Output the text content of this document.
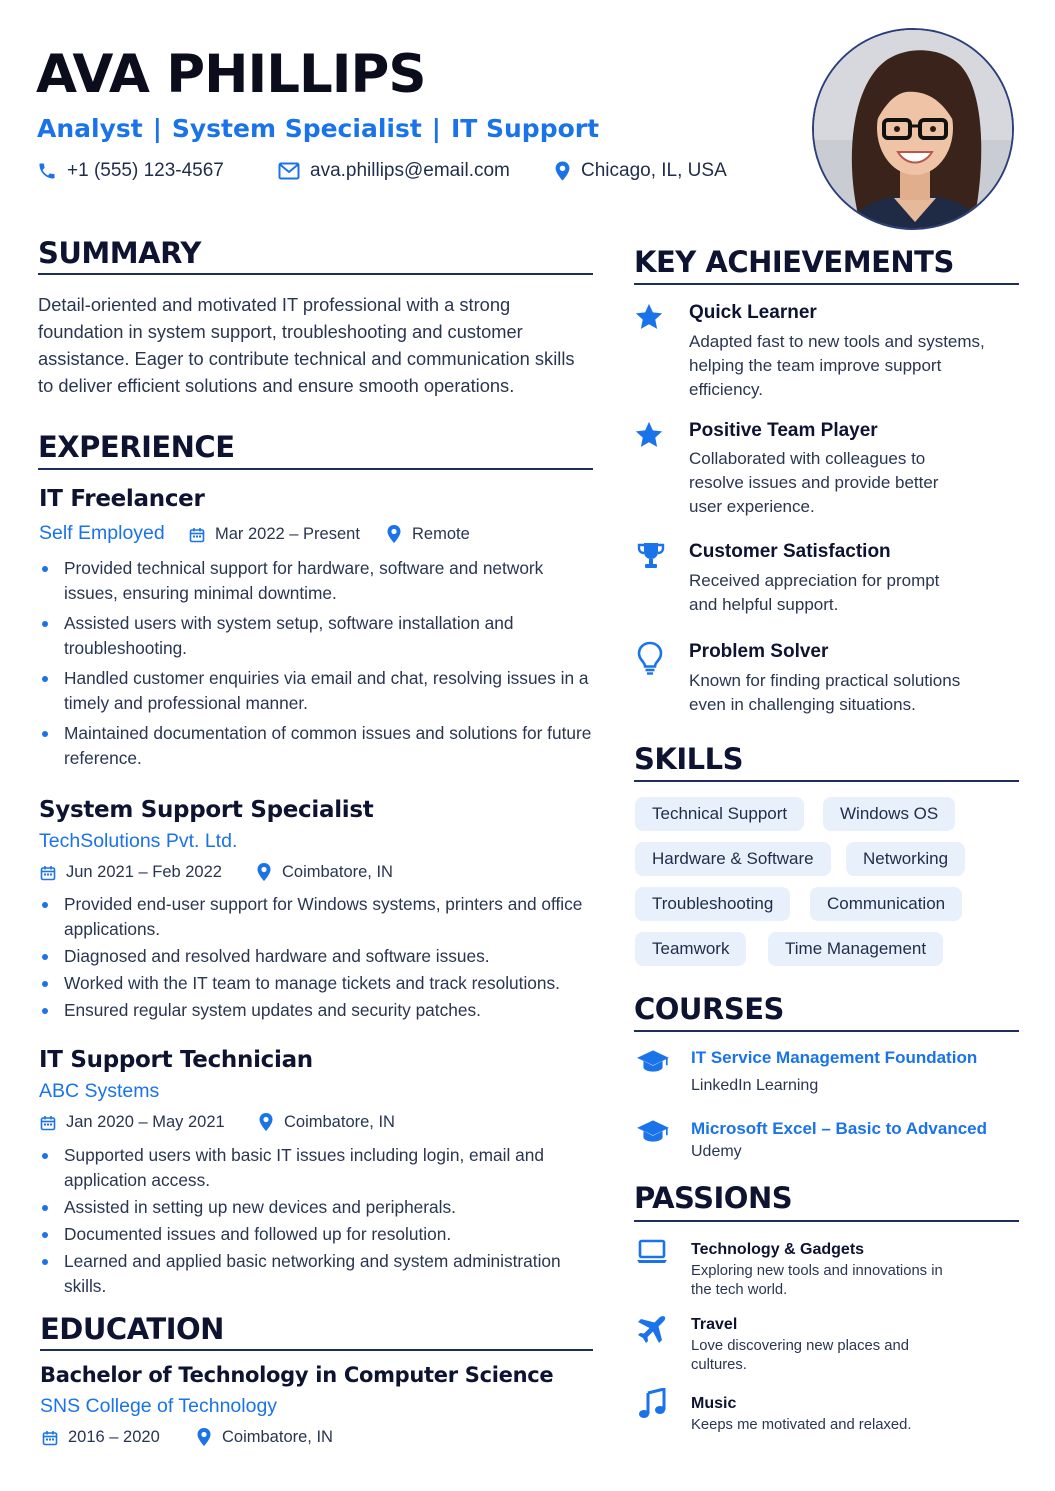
AVA PHILLIPS
Analyst | System Specialist | IT Support
+1 (555) 123-4567	ava.phillips@email.com	Chicago, IL, USA
SUMMARY
Detail-oriented and motivated IT professional with a strong foundation in system support, troubleshooting and customer assistance. Eager to contribute technical and communication skills to deliver efficient solutions and ensure smooth operations.
EXPERIENCE
IT Freelancer
Self Employed	Mar 2022 – Present	Remote
Provided technical support for hardware, software and network issues, ensuring minimal downtime.
Assisted users with system setup, software installation and troubleshooting.
Handled customer enquiries via email and chat, resolving issues in a timely and professional manner.
Maintained documentation of common issues and solutions for future reference.
System Support Specialist
TechSolutions Pvt. Ltd.
Jun 2021 – Feb 2022	Coimbatore, IN
Provided end-user support for Windows systems, printers and office applications.
Diagnosed and resolved hardware and software issues.
Worked with the IT team to manage tickets and track resolutions.
Ensured regular system updates and security patches.
IT Support Technician
ABC Systems
Jan 2020 – May 2021	Coimbatore, IN
Supported users with basic IT issues including login, email and application access.
Assisted in setting up new devices and peripherals.
Documented issues and followed up for resolution.
Learned and applied basic networking and system administration skills.
EDUCATION
Bachelor of Technology in Computer Science
SNS College of Technology
2016 – 2020	Coimbatore, IN
KEY ACHIEVEMENTS
Quick Learner
Adapted fast to new tools and systems, helping the team improve support efficiency.
Positive Team Player
Collaborated with colleagues to resolve issues and provide better user experience.
Customer Satisfaction
Received appreciation for prompt and helpful support.
Problem Solver
Known for finding practical solutions even in challenging situations.
SKILLS
Technical Support	Windows OS
Hardware & Software	Networking
Troubleshooting	Communication
Teamwork	Time Management
COURSES
IT Service Management Foundation
LinkedIn Learning
Microsoft Excel – Basic to Advanced
Udemy
PASSIONS
Technology & Gadgets
Exploring new tools and innovations in the tech world.
Travel
Love discovering new places and cultures.
Music
Keeps me motivated and relaxed.
